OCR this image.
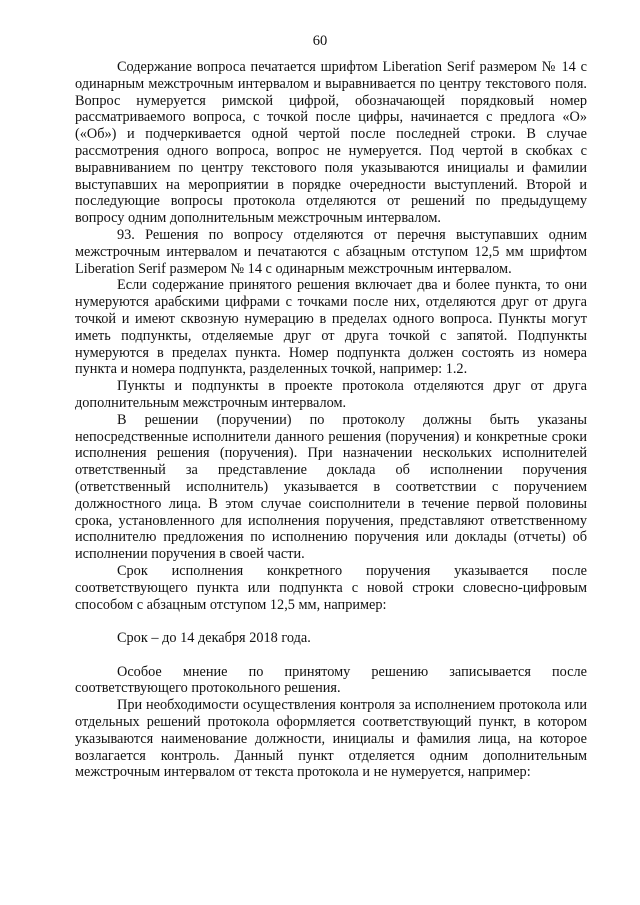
60

Содержание вопроса печатается шрифтом Liberation Serif размером № 14 с одинарным межстрочным интервалом и выравнивается по центру текстового поля. Вопрос нумеруется римской цифрой, обозначающей порядковый номер рассматриваемого вопроса, с точкой после цифры, начинается с предлога «О» («Об») и подчеркивается одной чертой после последней строки. В случае рассмотрения одного вопроса, вопрос не нумеруется. Под чертой в скобках с выравниванием по центру текстового поля указываются инициалы и фамилии выступавших на мероприятии в порядке очередности выступлений. Второй и последующие вопросы протокола отделяются от решений по предыдущему вопросу одним дополнительным межстрочным интервалом.

93. Решения по вопросу отделяются от перечня выступавших одним межстрочным интервалом и печатаются с абзацным отступом 12,5 мм шрифтом Liberation Serif размером № 14 с одинарным межстрочным интервалом.

Если содержание принятого решения включает два и более пункта, то они нумеруются арабскими цифрами с точками после них, отделяются друг от друга точкой и имеют сквозную нумерацию в пределах одного вопроса. Пункты могут иметь подпункты, отделяемые друг от друга точкой с запятой. Подпункты нумеруются в пределах пункта. Номер подпункта должен состоять из номера пункта и номера подпункта, разделенных точкой, например: 1.2.

Пункты и подпункты в проекте протокола отделяются друг от друга дополнительным межстрочным интервалом.

В решении (поручении) по протоколу должны быть указаны непосредственные исполнители данного решения (поручения) и конкретные сроки исполнения решения (поручения). При назначении нескольких исполнителей ответственный за представление доклада об исполнении поручения (ответственный исполнитель) указывается в соответствии с поручением должностного лица. В этом случае соисполнители в течение первой половины срока, установленного для исполнения поручения, представляют ответственному исполнителю предложения по исполнению поручения или доклады (отчеты) об исполнении поручения в своей части.

Срок исполнения конкретного поручения указывается после соответствующего пункта или подпункта с новой строки словесно-цифровым способом с абзацным отступом 12,5 мм, например:

Срок – до 14 декабря 2018 года.

Особое мнение по принятому решению записывается после соответствующего протокольного решения.

При необходимости осуществления контроля за исполнением протокола или отдельных решений протокола оформляется соответствующий пункт, в котором указываются наименование должности, инициалы и фамилия лица, на которое возлагается контроль. Данный пункт отделяется одним дополнительным межстрочным интервалом от текста протокола и не нумеруется, например:
